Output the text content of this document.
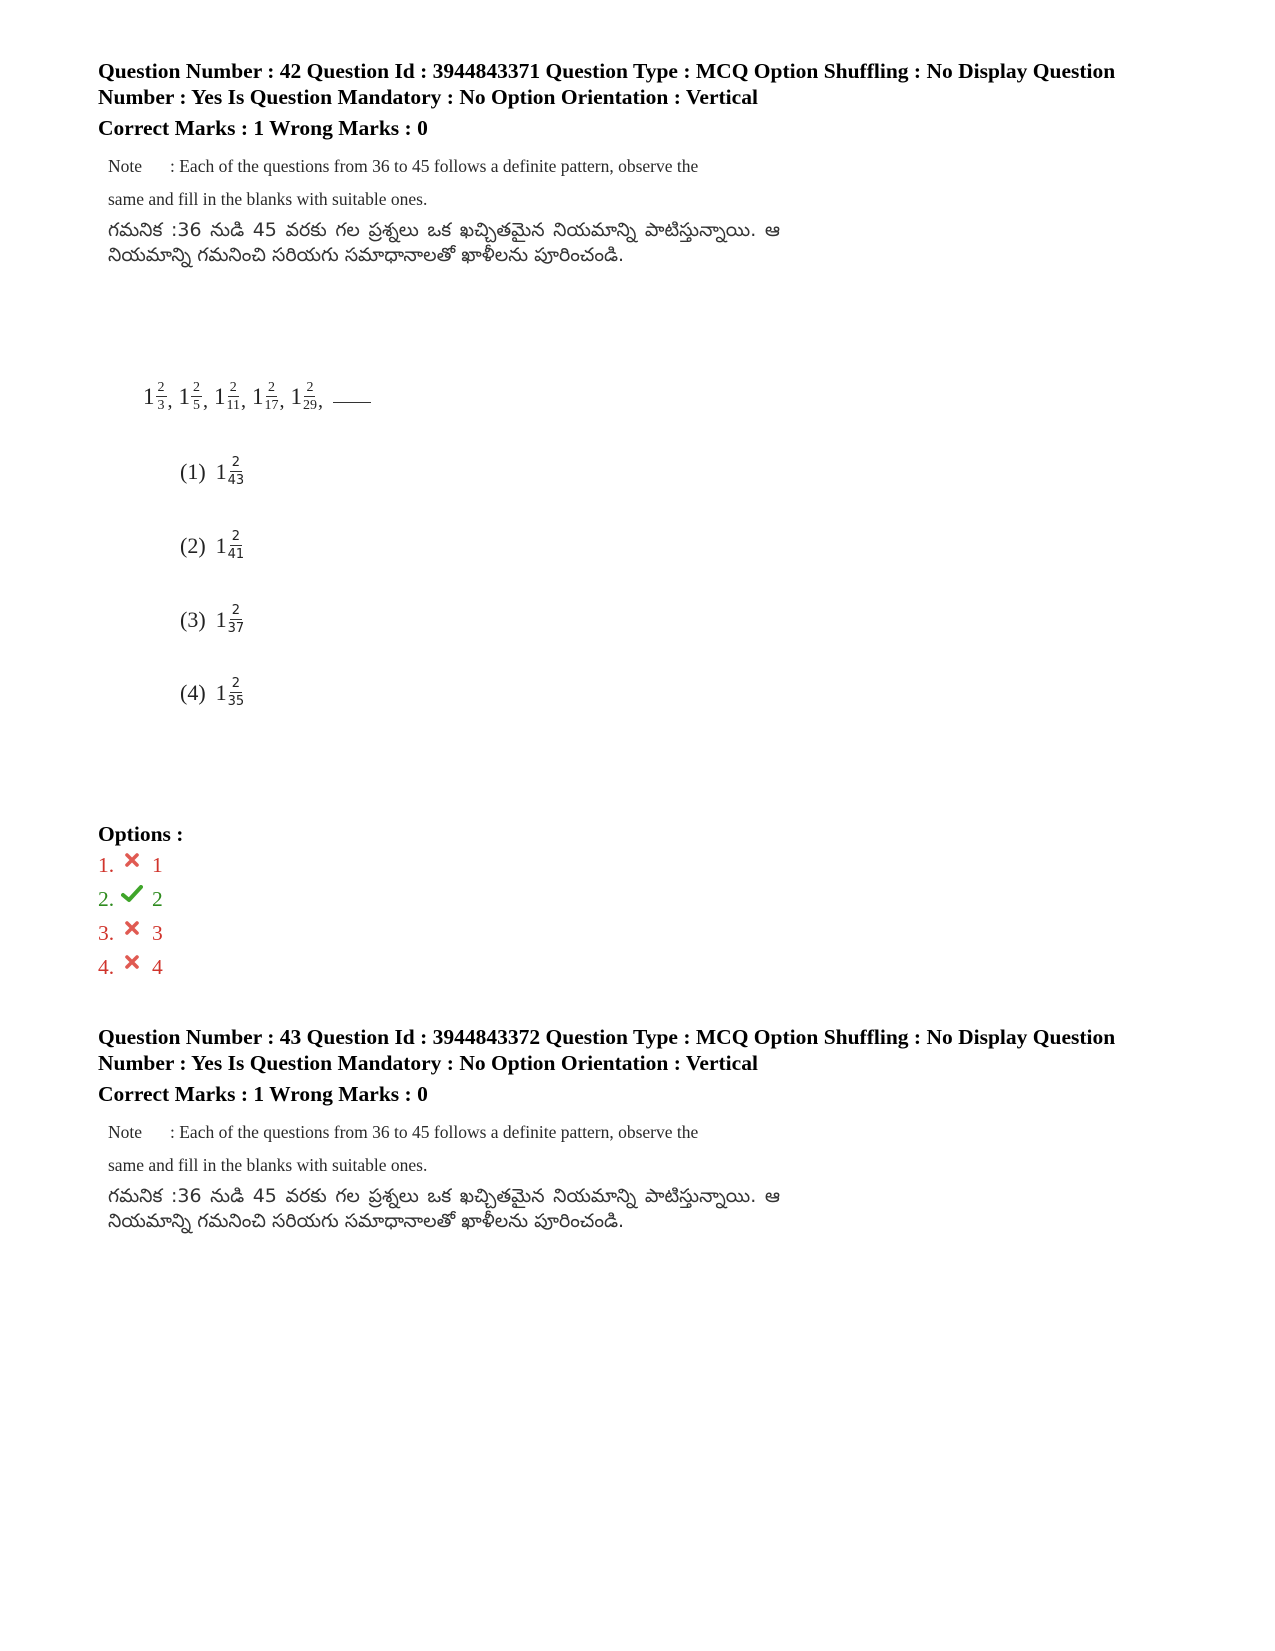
Question Number : 42 Question Id : 3944843371 Question Type : MCQ Option Shuffling : No Display Question
Number : Yes Is Question Mandatory : No Option Orientation : Vertical
Correct Marks : 1 Wrong Marks : 0
Note : Each of the questions from 36 to 45 follows a definite pattern, observe the
same and fill in the blanks with suitable ones.
గమనిక :36 నుడి 45 వరకు గల ప్రశ్నలు ఒక ఖచ్చితమైన నియమాన్ని పాటిస్తున్నాయి. ఆ నియమాన్ని గమనించి సరియగు సమాధానాలతో ఖాళీలను పూరించండి.
$1 \frac{2}{3}$ , $1 \frac{2}{5}$ , $1 \frac{2}{11}$ , $1 \frac{2}{17}$ , $1 \frac{2}{29}$ ,
(1) $1 \frac{2}{43}$
(2) $1 \frac{2}{41}$
(3) $1 \frac{2}{37}$
(4) $1 \frac{2}{35}$
Options :
1. 1
2. 2
3. 3
4. 4
Question Number : 43 Question Id : 3944843372 Question Type : MCQ Option Shuffling : No Display Question
Number : Yes Is Question Mandatory : No Option Orientation : Vertical
Correct Marks : 1 Wrong Marks : 0
Note : Each of the questions from 36 to 45 follows a definite pattern, observe the
same and fill in the blanks with suitable ones.
గమనిక :36 నుడి 45 వరకు గల ప్రశ్నలు ఒక ఖచ్చితమైన నియమాన్ని పాటిస్తున్నాయి. ఆ నియమాన్ని గమనించి సరియగు సమాధానాలతో ఖాళీలను పూరించండి.
